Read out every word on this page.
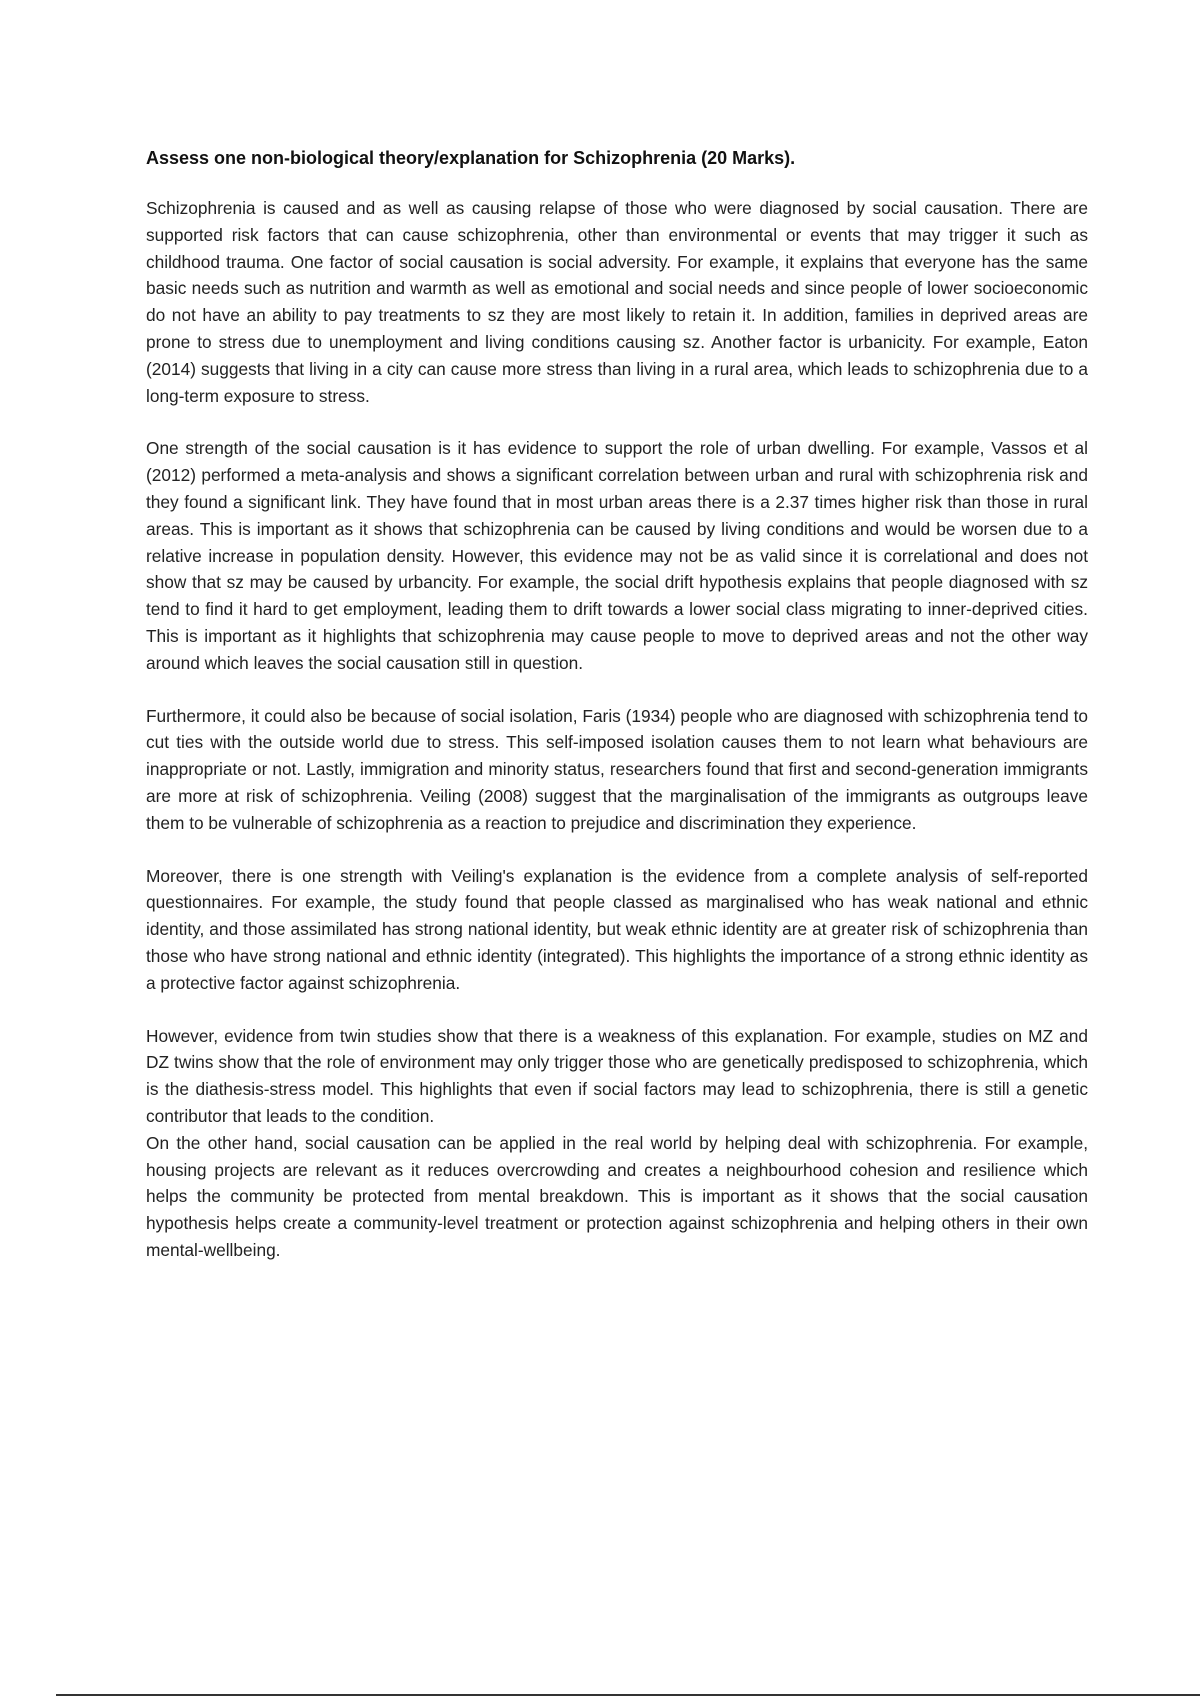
Assess one non-biological theory/explanation for Schizophrenia (20 Marks).

Schizophrenia is caused and as well as causing relapse of those who were diagnosed by social causation. There are supported risk factors that can cause schizophrenia, other than environmental or events that may trigger it such as childhood trauma. One factor of social causation is social adversity. For example, it explains that everyone has the same basic needs such as nutrition and warmth as well as emotional and social needs and since people of lower socioeconomic do not have an ability to pay treatments to sz they are most likely to retain it. In addition, families in deprived areas are prone to stress due to unemployment and living conditions causing sz. Another factor is urbanicity. For example, Eaton (2014) suggests that living in a city can cause more stress than living in a rural area, which leads to schizophrenia due to a long-term exposure to stress.

One strength of the social causation is it has evidence to support the role of urban dwelling. For example, Vassos et al (2012) performed a meta-analysis and shows a significant correlation between urban and rural with schizophrenia risk and they found a significant link. They have found that in most urban areas there is a 2.37 times higher risk than those in rural areas. This is important as it shows that schizophrenia can be caused by living conditions and would be worsen due to a relative increase in population density. However, this evidence may not be as valid since it is correlational and does not show that sz may be caused by urbancity. For example, the social drift hypothesis explains that people diagnosed with sz tend to find it hard to get employment, leading them to drift towards a lower social class migrating to inner-deprived cities. This is important as it highlights that schizophrenia may cause people to move to deprived areas and not the other way around which leaves the social causation still in question.

Furthermore, it could also be because of social isolation, Faris (1934) people who are diagnosed with schizophrenia tend to cut ties with the outside world due to stress. This self-imposed isolation causes them to not learn what behaviours are inappropriate or not. Lastly, immigration and minority status, researchers found that first and second-generation immigrants are more at risk of schizophrenia. Veiling (2008) suggest that the marginalisation of the immigrants as outgroups leave them to be vulnerable of schizophrenia as a reaction to prejudice and discrimination they experience.

Moreover, there is one strength with Veiling's explanation is the evidence from a complete analysis of self-reported questionnaires. For example, the study found that people classed as marginalised who has weak national and ethnic identity, and those assimilated has strong national identity, but weak ethnic identity are at greater risk of schizophrenia than those who have strong national and ethnic identity (integrated). This highlights the importance of a strong ethnic identity as a protective factor against schizophrenia.

However, evidence from twin studies show that there is a weakness of this explanation. For example, studies on MZ and DZ twins show that the role of environment may only trigger those who are genetically predisposed to schizophrenia, which is the diathesis-stress model. This highlights that even if social factors may lead to schizophrenia, there is still a genetic contributor that leads to the condition.

On the other hand, social causation can be applied in the real world by helping deal with schizophrenia. For example, housing projects are relevant as it reduces overcrowding and creates a neighbourhood cohesion and resilience which helps the community be protected from mental breakdown. This is important as it shows that the social causation hypothesis helps create a community-level treatment or protection against schizophrenia and helping others in their own mental-wellbeing.
